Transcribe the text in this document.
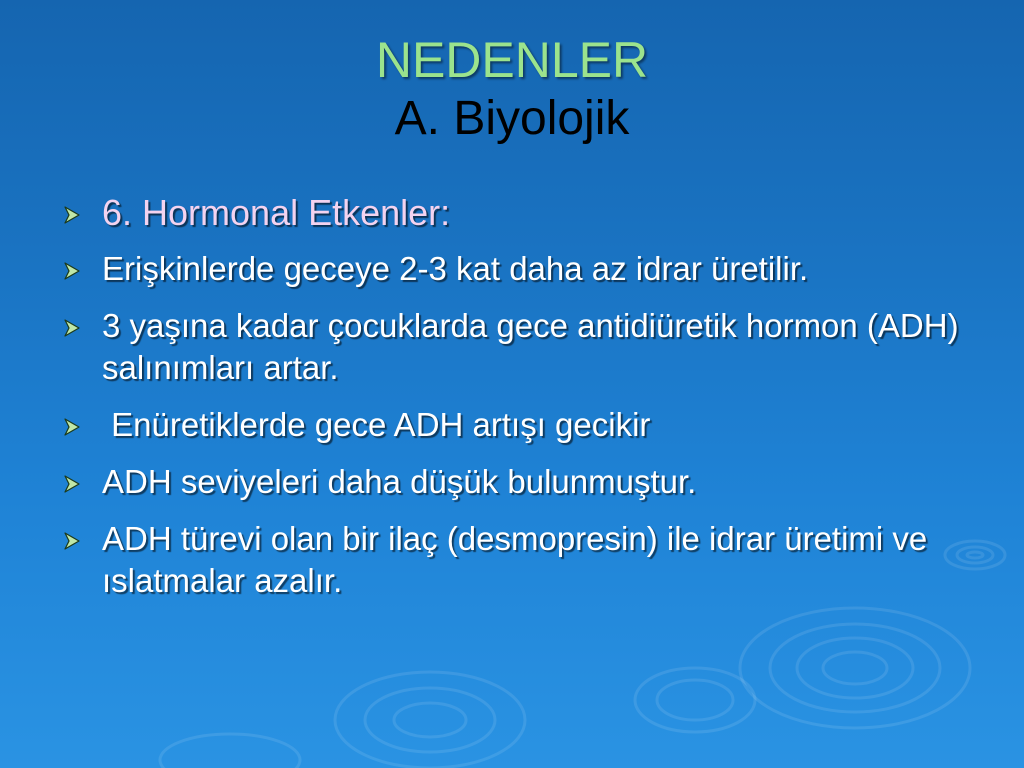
NEDENLER
A. Biyolojik
6. Hormonal Etkenler:
Erişkinlerde geceye 2-3 kat daha az idrar üretilir.
3 yaşına kadar çocuklarda gece antidiüretik hormon (ADH) salınımları artar.
Enüretiklerde gece ADH artışı gecikir
ADH seviyeleri daha düşük bulunmuştur.
ADH türevi olan bir ilaç (desmopresin) ile idrar üretimi ve ıslatmalar azalır.
